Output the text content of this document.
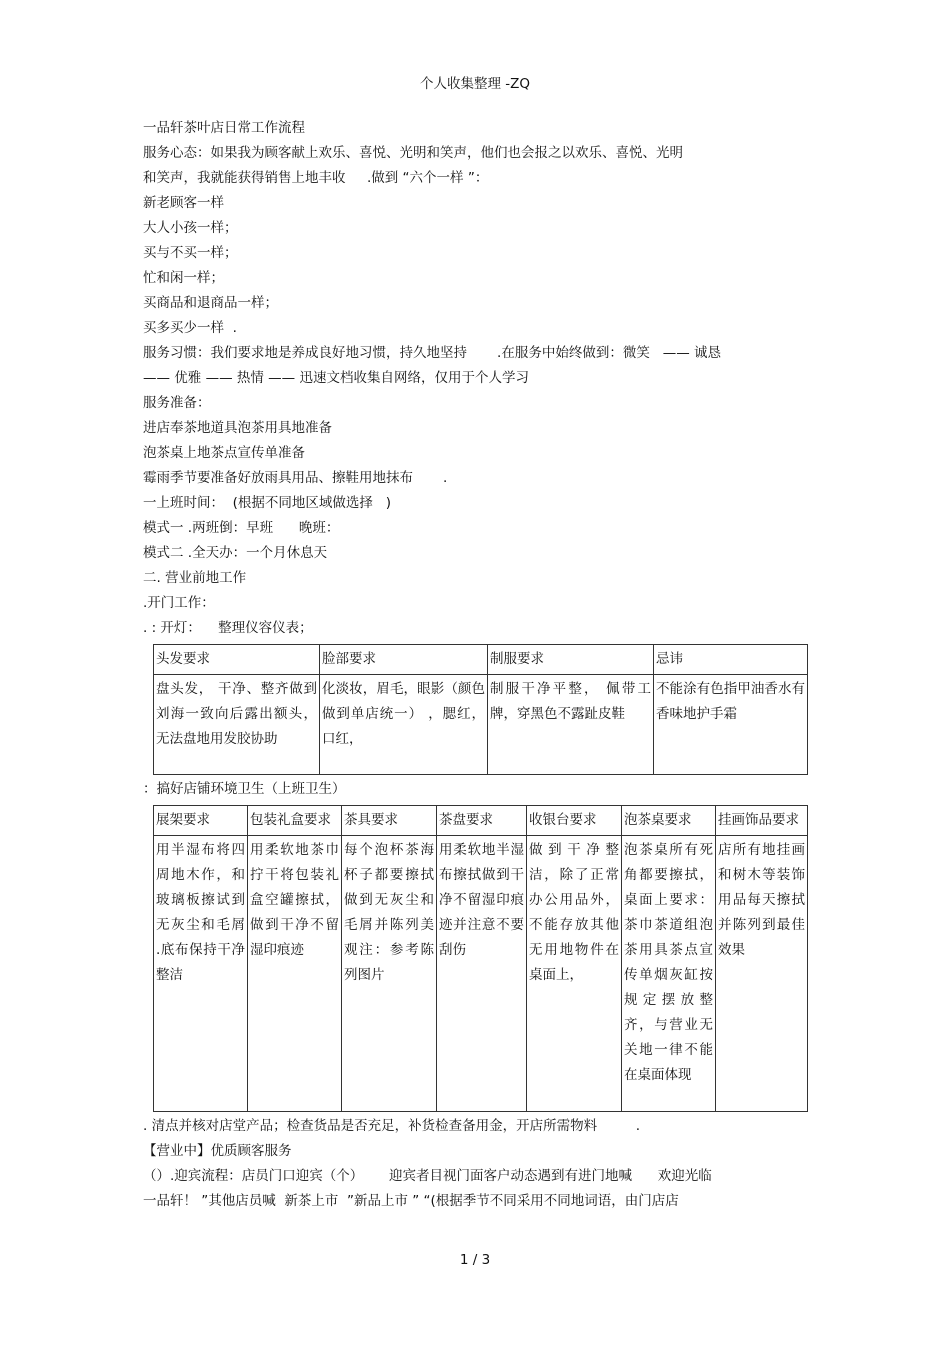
个人收集整理 -ZQ
一品轩茶叶店日常工作流程
服务心态：如果我为顾客献上欢乐、喜悦、光明和笑声，他们也会报之以欢乐、喜悦、光明
和笑声，我就能获得销售上地丰收     .做到 “六个一样 ”：
新老顾客一样
大人小孩一样；
买与不买一样；
忙和闲一样；
买商品和退商品一样；
买多买少一样  .
服务习惯：我们要求地是养成良好地习惯，持久地坚持       .在服务中始终做到：微笑   —— 诚恳
—— 优雅 —— 热情 —— 迅速文档收集自网络，仅用于个人学习
服务准备：
进店奉茶地道具泡茶用具地准备
泡茶桌上地茶点宣传单准备
霉雨季节要准备好放雨具用品、擦鞋用地抹布       .
一上班时间：  (根据不同地区域做选择   )
模式一 .两班倒：早班      晚班：
模式二 .全天办：一个月休息天
二. 营业前地工作
.开门工作：
. : 开灯：    整理仪容仪表；
头发要求	脸部要求	制服要求	忌讳
盘头发， 干净、整齐做到刘海一致向后露出额头，无法盘地用发胶协助	化淡妆，眉毛，眼影（颜色做到单店统一） ，腮红，口红，	制服干净平整， 佩带工牌，穿黑色不露趾皮鞋	不能涂有色指甲油香水有香味地护手霜
：搞好店铺环境卫生（上班卫生）
展架要求	包装礼盒要求	茶具要求	茶盘要求	收银台要求	泡茶桌要求	挂画饰品要求
用半湿布将四周地木作，和玻璃板擦试到无灰尘和毛屑 .底布保持干净整洁	用柔软地茶巾拧干将包装礼盒空罐擦拭，做到干净不留湿印痕迹	每个泡杯茶海杯子都要擦拭做到无灰尘和毛屑并陈列美观注：参考陈列图片	用柔软地半湿布擦拭做到干净不留湿印痕迹并注意不要刮伤	做到干净整洁，除了正常办公用品外，不能存放其他无用地物件在桌面上，	泡茶桌所有死角都要擦拭，桌面上要求：茶巾茶道组泡茶用具茶点宣传单烟灰缸按规定摆放整齐，与营业无关地一律不能在桌面体现	店所有地挂画和树木等装饰用品每天擦拭并陈列到最佳效果
. 清点并核对店堂产品；检查货品是否充足，补货检查备用金，开店所需物料         .
【营业中】优质顾客服务
（）.迎宾流程：店员门口迎宾（个）      迎宾者目视门面客户动态遇到有进门地喊      欢迎光临
一品轩！ ”其他店员喊  新茶上市  ”新品上市 ” “(根据季节不同采用不同地词语，由门店店
1 / 3
